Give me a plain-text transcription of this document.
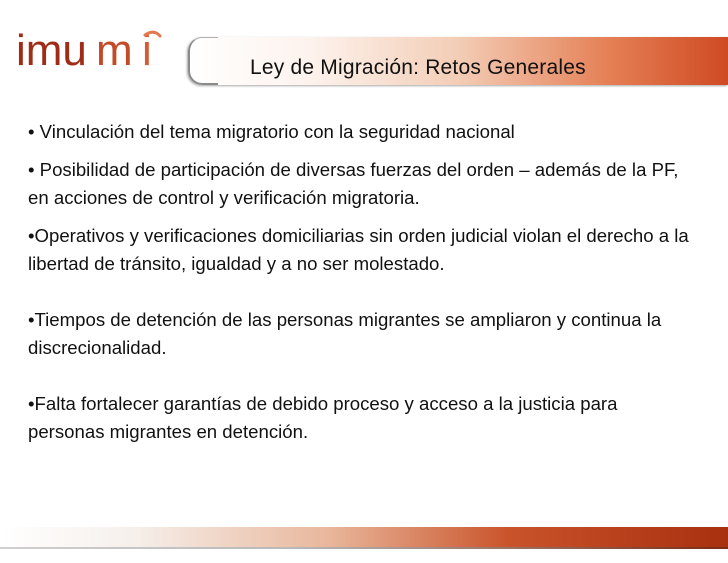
imu m i	Ley de Migración: Retos Generales

• Vinculación del tema migratorio con la seguridad nacional

• Posibilidad de participación de diversas fuerzas del orden – además de la PF, en acciones de control y verificación migratoria.

•Operativos y verificaciones domiciliarias sin orden judicial violan el derecho a la libertad de tránsito, igualdad y a no ser molestado.

•Tiempos de detención de las personas migrantes se ampliaron y continua la discrecionalidad.

•Falta fortalecer garantías de debido proceso y acceso a la justicia para personas migrantes en detención.
